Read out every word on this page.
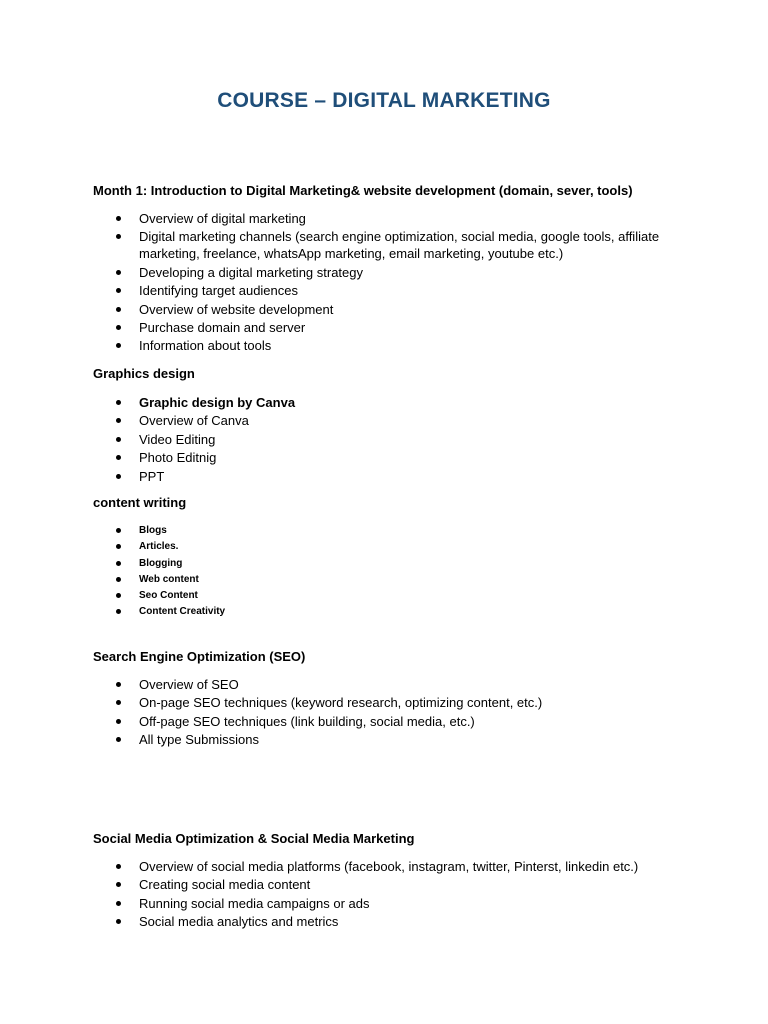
COURSE – DIGITAL MARKETING

Month 1: Introduction to Digital Marketing& website development (domain, sever, tools)

Overview of digital marketing
Digital marketing channels (search engine optimization, social media, google tools, affiliate marketing, freelance, whatsApp marketing, email marketing, youtube etc.)
Developing a digital marketing strategy
Identifying target audiences
Overview of website development
Purchase domain and server
Information about tools

Graphics design

Graphic design by Canva
Overview of Canva
Video Editing
Photo Editnig
PPT

content writing

Blogs
Articles.
Blogging
Web content
Seo Content
Content Creativity

Search Engine Optimization (SEO)

Overview of SEO
On-page SEO techniques (keyword research, optimizing content, etc.)
Off-page SEO techniques (link building, social media, etc.)
All type Submissions

Social Media Optimization & Social Media Marketing

Overview of social media platforms (facebook, instagram, twitter, Pinterst, linkedin etc.)
Creating social media content
Running social media campaigns or ads
Social media analytics and metrics
